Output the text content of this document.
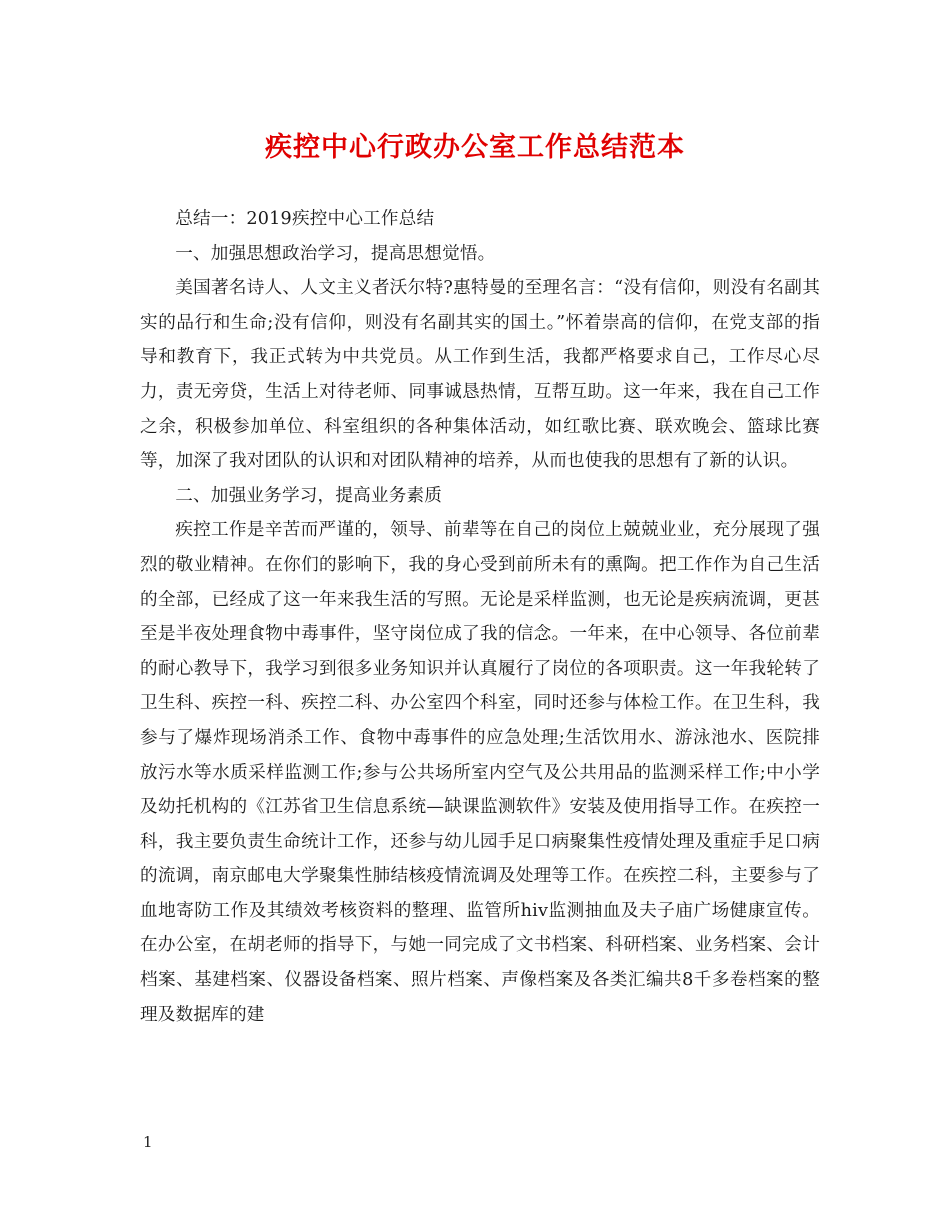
疾控中心行政办公室工作总结范本

总结一：2019疾控中心工作总结

一、加强思想政治学习，提高思想觉悟。

美国著名诗人、人文主义者沃尔特?惠特曼的至理名言：“没有信仰，则没有名副其实的品行和生命;没有信仰，则没有名副其实的国土。”怀着崇高的信仰，在党支部的指导和教育下，我正式转为中共党员。从工作到生活，我都严格要求自己，工作尽心尽力，责无旁贷，生活上对待老师、同事诚恳热情，互帮互助。这一年来，我在自己工作之余，积极参加单位、科室组织的各种集体活动，如红歌比赛、联欢晚会、篮球比赛等，加深了我对团队的认识和对团队精神的培养，从而也使我的思想有了新的认识。

二、加强业务学习，提高业务素质

疾控工作是辛苦而严谨的，领导、前辈等在自己的岗位上兢兢业业，充分展现了强烈的敬业精神。在你们的影响下，我的身心受到前所未有的熏陶。把工作作为自己生活的全部，已经成了这一年来我生活的写照。无论是采样监测，也无论是疾病流调，更甚至是半夜处理食物中毒事件，坚守岗位成了我的信念。一年来，在中心领导、各位前辈的耐心教导下，我学习到很多业务知识并认真履行了岗位的各项职责。这一年我轮转了卫生科、疾控一科、疾控二科、办公室四个科室，同时还参与体检工作。在卫生科，我参与了爆炸现场消杀工作、食物中毒事件的应急处理;生活饮用水、游泳池水、医院排放污水等水质采样监测工作;参与公共场所室内空气及公共用品的监测采样工作;中小学及幼托机构的《江苏省卫生信息系统—缺课监测软件》安装及使用指导工作。在疾控一科，我主要负责生命统计工作，还参与幼儿园手足口病聚集性疫情处理及重症手足口病的流调，南京邮电大学聚集性肺结核疫情流调及处理等工作。在疾控二科，主要参与了血地寄防工作及其绩效考核资料的整理、监管所hiv监测抽血及夫子庙广场健康宣传。在办公室，在胡老师的指导下，与她一同完成了文书档案、科研档案、业务档案、会计档案、基建档案、仪器设备档案、照片档案、声像档案及各类汇编共8千多卷档案的整理及数据库的建

1
